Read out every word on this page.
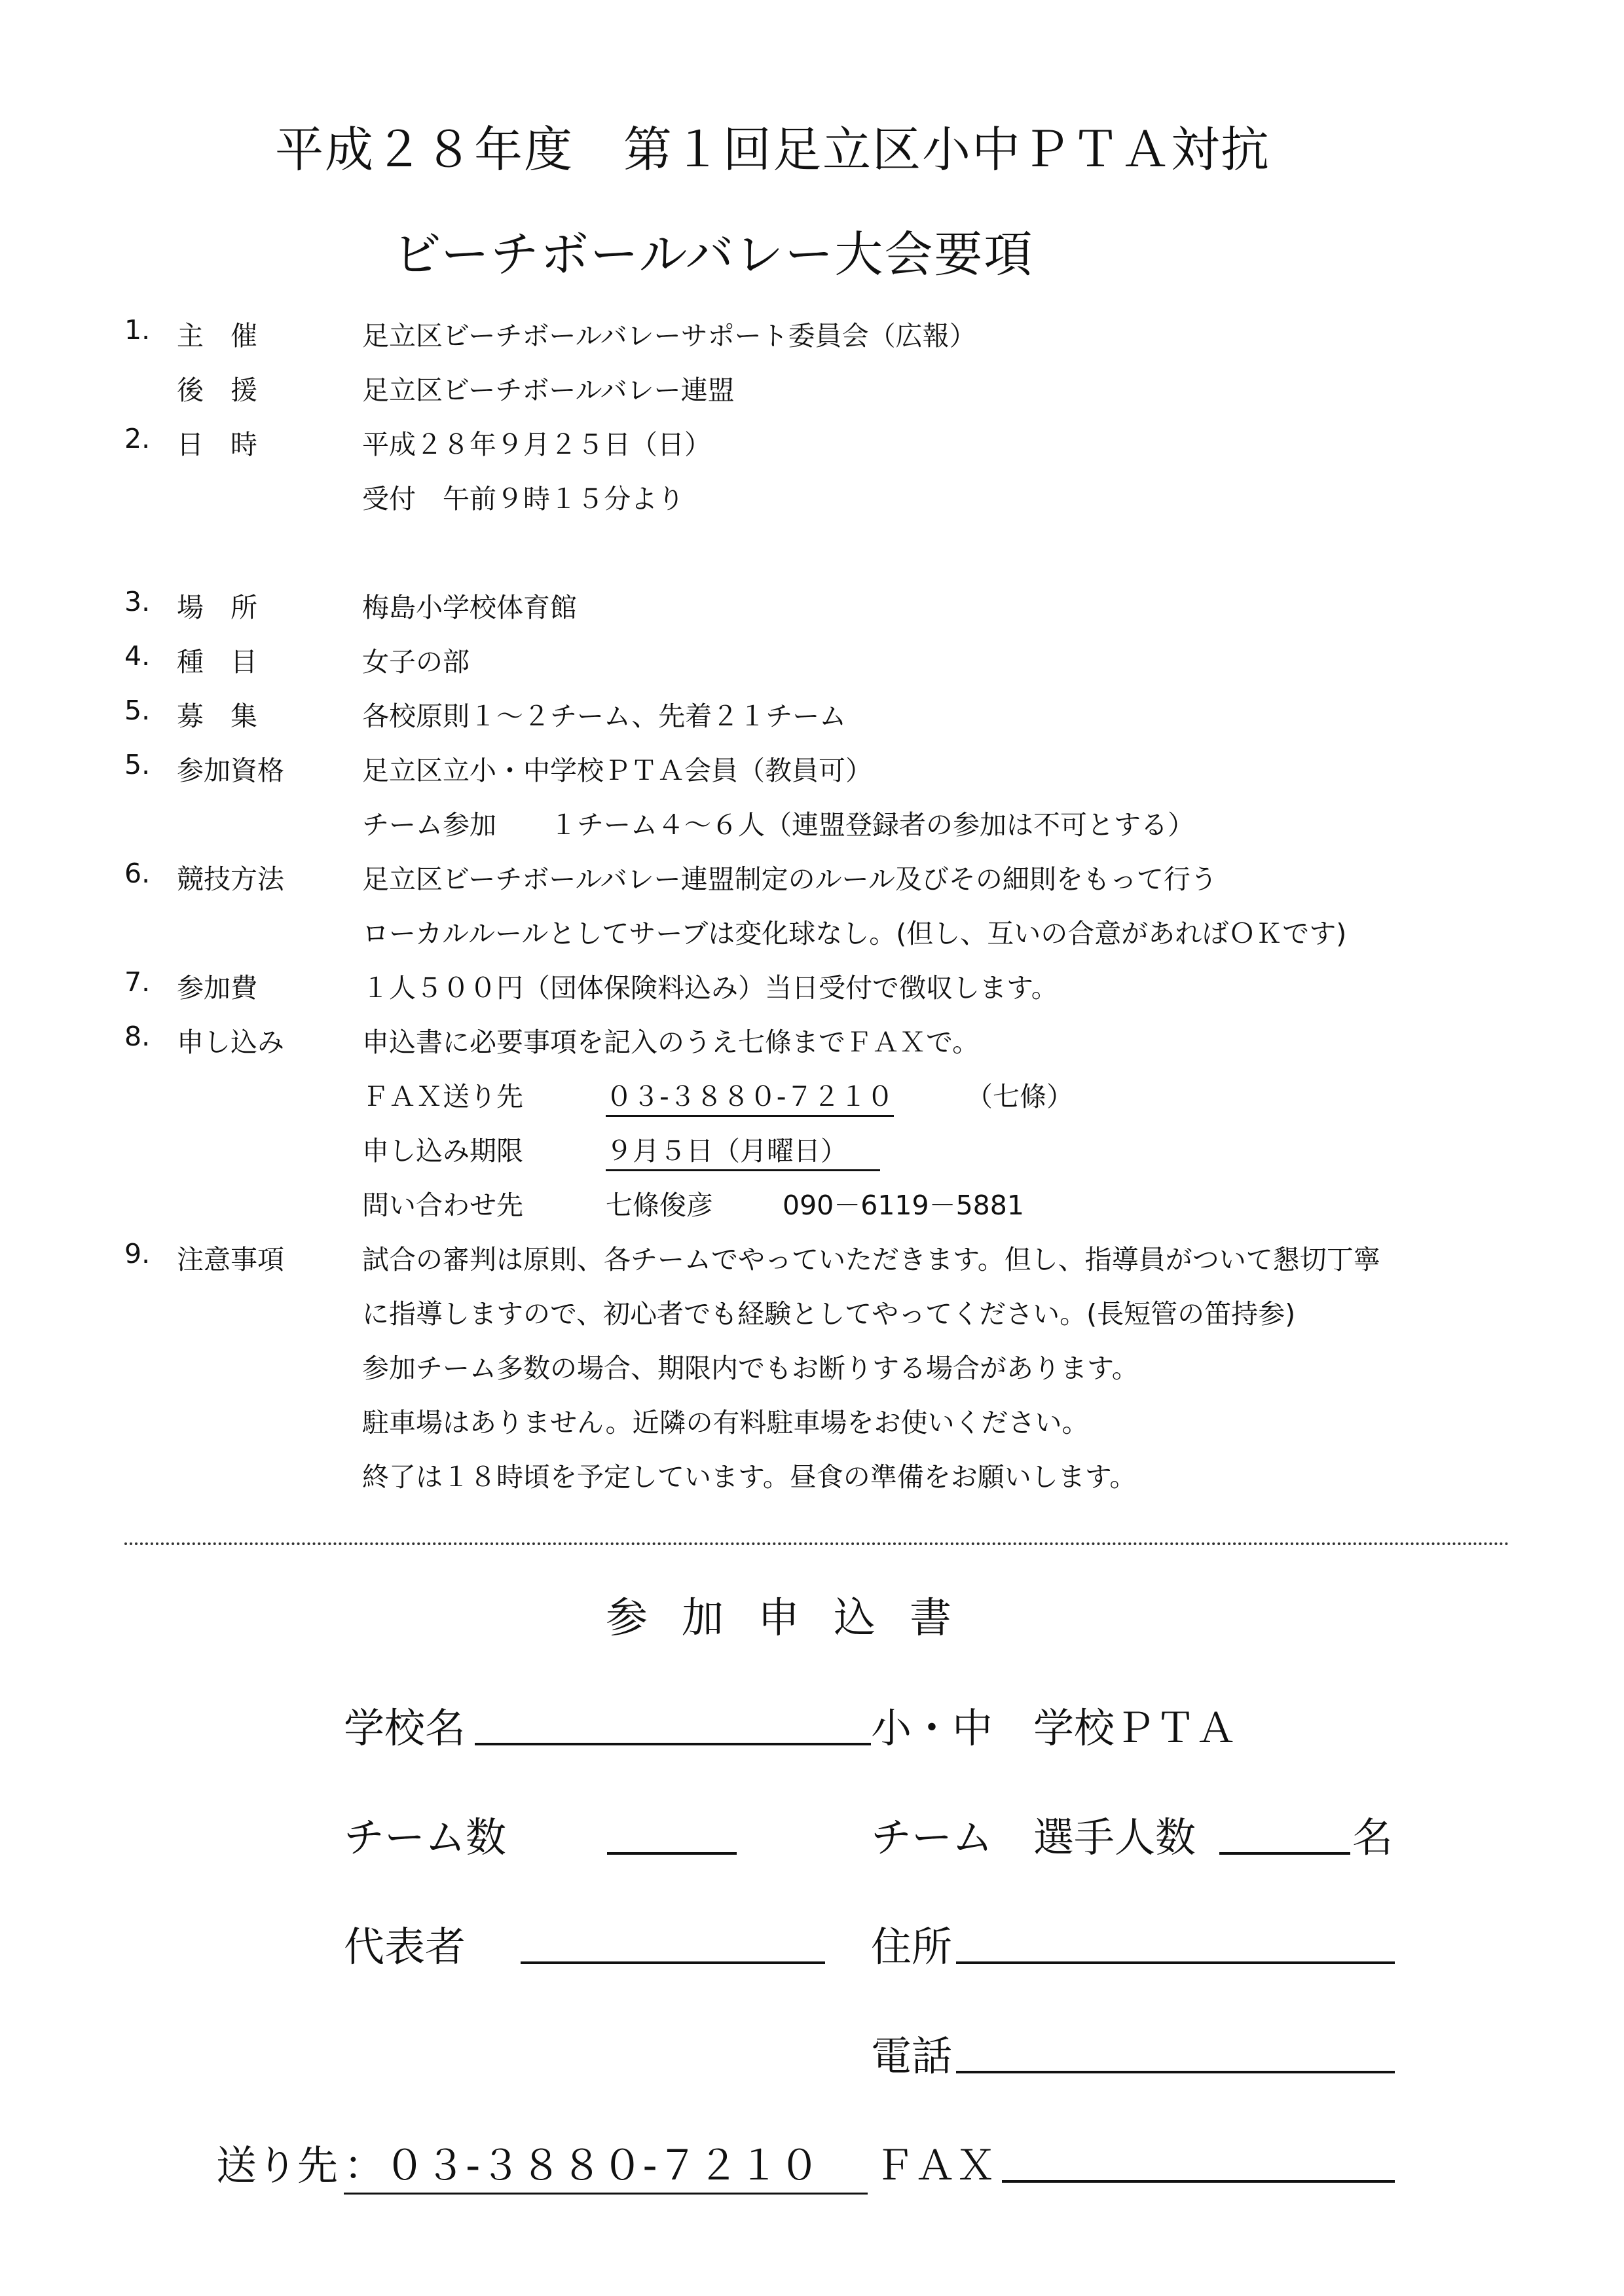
平成２８年度　第１回足立区小中ＰＴＡ対抗
ビーチボールバレー大会要項
1. 主　催	足立区ビーチボールバレーサポート委員会（広報）
後　援	足立区ビーチボールバレー連盟
2. 日　時	平成２８年９月２５日（日）
受付　午前９時１５分より
3. 場　所	梅島小学校体育館
4. 種　目	女子の部
5. 募　集	各校原則１～２チーム、先着２１チーム
5. 参加資格	足立区立小・中学校ＰＴＡ会員（教員可）
チーム参加　　１チーム４～６人（連盟登録者の参加は不可とする）
6. 競技方法	足立区ビーチボールバレー連盟制定のルール及びその細則をもって行う
ローカルルールとしてサーブは変化球なし。(但し、互いの合意があればＯＫです)
7. 参加費	１人５００円（団体保険料込み）当日受付で徴収します。
8. 申し込み	申込書に必要事項を記入のうえ七條までＦＡＸで。
ＦＡＸ送り先	０３-３８８０-７２１０	（七條）
申し込み期限	９月５日（月曜日）
問い合わせ先	七條俊彦	090－6119－5881
9. 注意事項	試合の審判は原則、各チームでやっていただきます。但し、指導員がついて懇切丁寧
に指導しますので、初心者でも経験としてやってください。(長短管の笛持参)
参加チーム多数の場合、期限内でもお断りする場合があります。
駐車場はありません。近隣の有料駐車場をお使いください。
終了は１８時頃を予定しています。昼食の準備をお願いします。
参加申込書
学校名	小・中　学校ＰＴＡ
チーム数	チーム　選手人数	名
代表者	住所
電話
送り先 ：０３-３８８０-７２１０	ＦＡＸ
